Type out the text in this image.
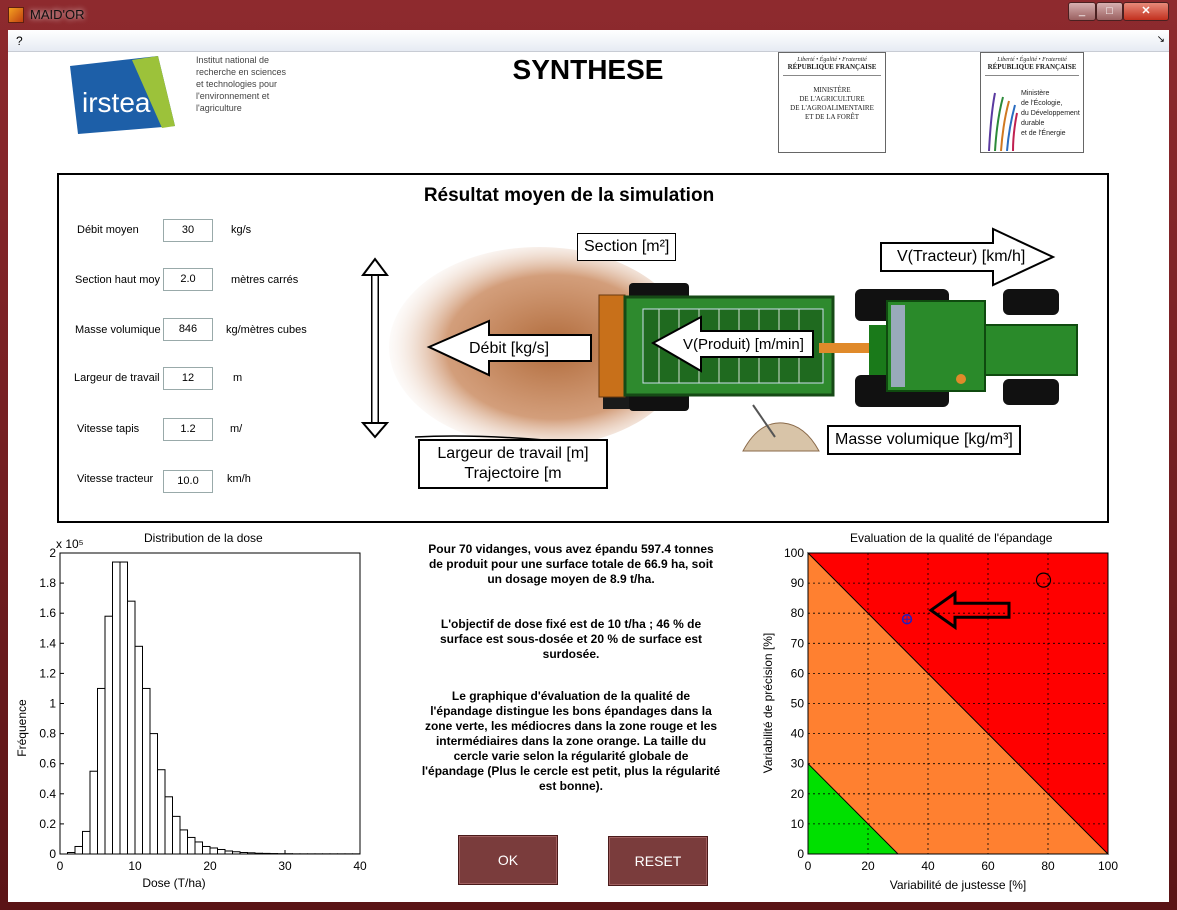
MAID'OR	_	□	✕
?	↘
irstea
Institut national de
recherche en sciences
et technologies pour
l'environnement et
l'agriculture
SYNTHESE	Liberté • Égalité • Fraternité
RÉPUBLIQUE FRANÇAISE
MINISTÈRE
DE L'AGRICULTURE
DE L'AGROALIMENTAIRE
ET DE LA FORÊT
Liberté • Égalité • Fraternité
RÉPUBLIQUE FRANÇAISE
Ministère
de l'Écologie,
du Développement
durable
et de l'Énergie
Résultat moyen de la simulation
Débit moyen	30	kg/s
Section haut moy	2.0	mètres carrés
Masse volumique	846	kg/mètres cubes
Largeur de travail	12	m
Vitesse tapis	1.2	m/
Vitesse tracteur	10.0	km/h
Section [m²]
V(Tracteur) [km/h]
Débit [kg/s]	V(Produit) [m/min]
Largeur de travail [m]
Trajectoire [m
Masse volumique [kg/m³]
Distribution de la dose
x 10⁵
0	10	20	30	40
0
0.2
0.4
0.6
0.8
1
1.2
1.4
1.6
1.8
2
Dose (T/ha)
Fréquence

Pour 70 vidanges, vous avez épandu 597.4 tonnes de produit pour une surface totale de 66.9 ha, soit un dosage moyen de 8.9 t/ha.

L'objectif de dose fixé est de 10 t/ha ; 46 % de surface est sous-dosée et 20 % de surface est surdosée.

Le graphique d'évaluation de la qualité de l'épandage distingue les bons épandages dans la zone verte, les médiocres dans la zone rouge et les intermédiaires dans la zone orange. La taille du cercle varie selon la régularité globale de l'épandage (Plus le cercle est petit, plus la régularité est bonne).

OK	RESET
Evaluation de la qualité de l'épandage
0	20	40	60	80	100
0
10
20
30
40
50
60
70
80
90
100
Variabilité de justesse [%]
Variabilité de précision [%]
